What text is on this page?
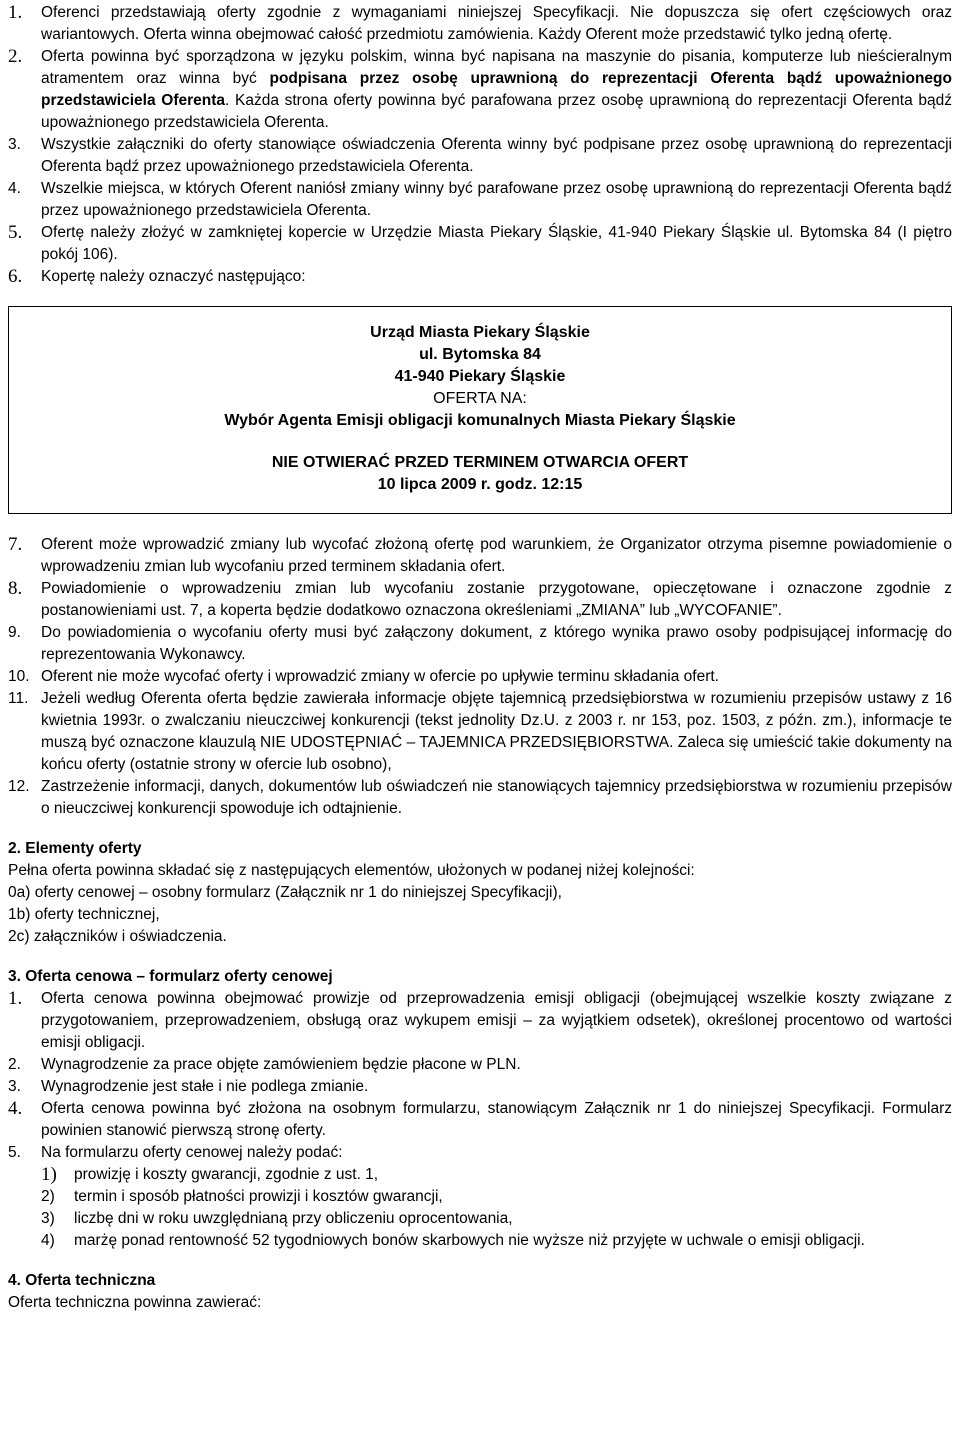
1. Oferenci przedstawiają oferty zgodnie z wymaganiami niniejszej Specyfikacji. Nie dopuszcza się ofert częściowych oraz wariantowych. Oferta winna obejmować całość przedmiotu zamówienia. Każdy Oferent może przedstawić tylko jedną ofertę.
2. Oferta powinna być sporządzona w języku polskim, winna być napisana na maszynie do pisania, komputerze lub nieścieralnym atramentem oraz winna być podpisana przez osobę uprawnioną do reprezentacji Oferenta bądź upoważnionego przedstawiciela Oferenta. Każda strona oferty powinna być parafowana przez osobę uprawnioną do reprezentacji Oferenta bądź upoważnionego przedstawiciela Oferenta.
3. Wszystkie załączniki do oferty stanowiące oświadczenia Oferenta winny być podpisane przez osobę uprawnioną do reprezentacji Oferenta bądź przez upoważnionego przedstawiciela Oferenta.
4. Wszelkie miejsca, w których Oferent naniósł zmiany winny być parafowane przez osobę uprawnioną do reprezentacji Oferenta bądź przez upoważnionego przedstawiciela Oferenta.
5. Ofertę należy złożyć w zamkniętej kopercie w Urzędzie Miasta Piekary Śląskie, 41-940 Piekary Śląskie ul. Bytomska 84 (I piętro pokój 106).
6. Kopertę należy oznaczyć następująco:
Urząd Miasta Piekary Śląskie
ul. Bytomska 84
41-940 Piekary Śląskie
OFERTA NA:
Wybór Agenta Emisji obligacji komunalnych Miasta Piekary Śląskie
NIE OTWIERAĆ PRZED TERMINEM OTWARCIA OFERT
10 lipca 2009 r. godz. 12:15
7. Oferent może wprowadzić zmiany lub wycofać złożoną ofertę pod warunkiem, że Organizator otrzyma pisemne powiadomienie o wprowadzeniu zmian lub wycofaniu przed terminem składania ofert.
8. Powiadomienie o wprowadzeniu zmian lub wycofaniu zostanie przygotowane, opieczętowane i oznaczone zgodnie z postanowieniami ust. 7, a koperta będzie dodatkowo oznaczona określeniami „ZMIANA” lub „WYCOFANIE”.
9. Do powiadomienia o wycofaniu oferty musi być załączony dokument, z którego wynika prawo osoby podpisującej informację do reprezentowania Wykonawcy.
10. Oferent nie może wycofać oferty i wprowadzić zmiany w ofercie po upływie terminu składania ofert.
11. Jeżeli według Oferenta oferta będzie zawierała informacje objęte tajemnicą przedsiębiorstwa w rozumieniu przepisów ustawy z 16 kwietnia 1993r. o zwalczaniu nieuczciwej konkurencji (tekst jednolity Dz.U. z 2003 r. nr 153, poz. 1503, z późn. zm.), informacje te muszą być oznaczone klauzulą NIE UDOSTĘPNIAĆ – TAJEMNICA PRZEDSIĘBIORSTWA. Zaleca się umieścić takie dokumenty na końcu oferty (ostatnie strony w ofercie lub osobno),
12. Zastrzeżenie informacji, danych, dokumentów lub oświadczeń nie stanowiących tajemnicy przedsiębiorstwa w rozumieniu przepisów o nieuczciwej konkurencji spowoduje ich odtajnienie.
2. Elementy oferty
Pełna oferta powinna składać się z następujących elementów, ułożonych w podanej niżej kolejności:
0a) oferty cenowej – osobny formularz (Załącznik nr 1 do niniejszej Specyfikacji),
1b) oferty technicznej,
2c) załączników i oświadczenia.
3. Oferta cenowa – formularz oferty cenowej
1. Oferta cenowa powinna obejmować prowizje od przeprowadzenia emisji obligacji (obejmującej wszelkie koszty związane z przygotowaniem, przeprowadzeniem, obsługą oraz wykupem emisji – za wyjątkiem odsetek), określonej procentowo od wartości emisji obligacji.
2. Wynagrodzenie za prace objęte zamówieniem będzie płacone w PLN.
3. Wynagrodzenie jest stałe i nie podlega zmianie.
4. Oferta cenowa powinna być złożona na osobnym formularzu, stanowiącym Załącznik nr 1 do niniejszej Specyfikacji. Formularz powinien stanowić pierwszą stronę oferty.
5. Na formularzu oferty cenowej należy podać:
1) prowizję i koszty gwarancji, zgodnie z ust. 1,
2) termin i sposób płatności prowizji i kosztów gwarancji,
3) liczbę dni w roku uwzględnianą przy obliczeniu oprocentowania,
4) marżę ponad rentowność 52 tygodniowych bonów skarbowych nie wyższe niż przyjęte w uchwale o emisji obligacji.
4. Oferta techniczna
Oferta techniczna powinna zawierać:
